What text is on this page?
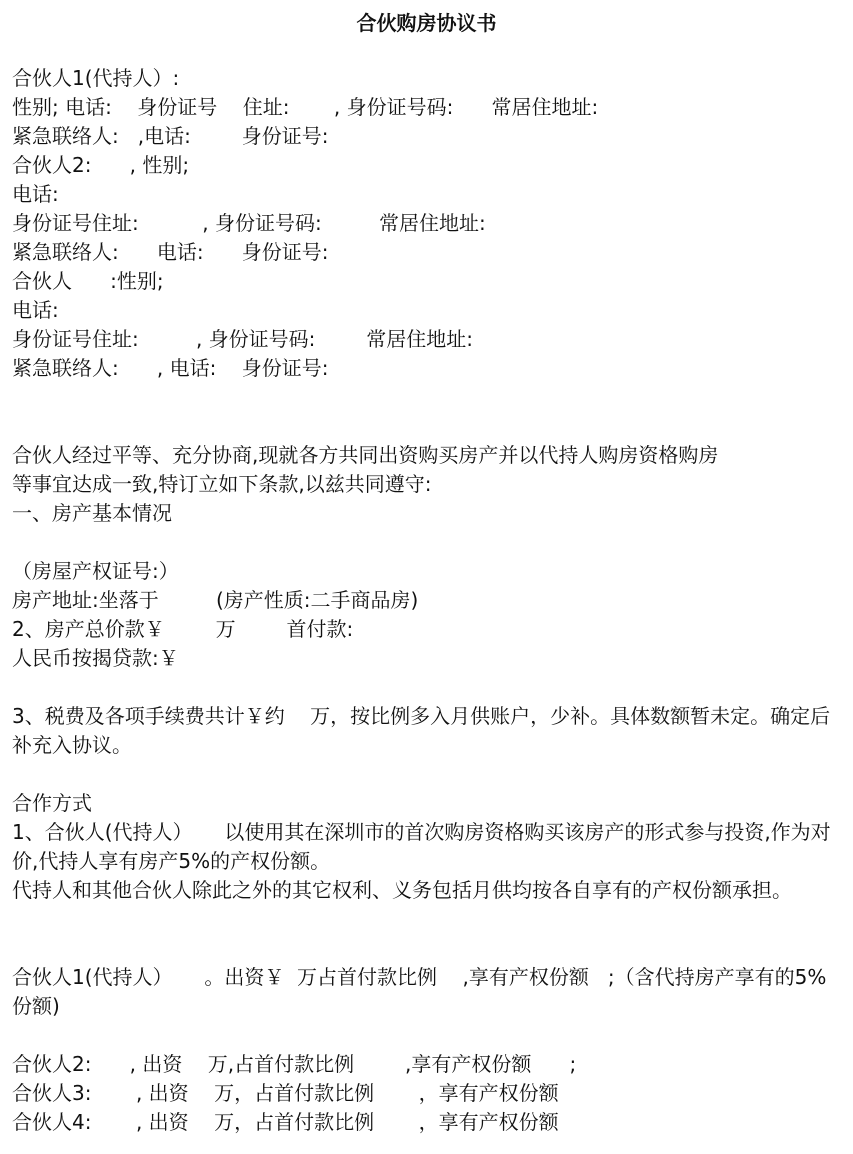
合伙购房协议书
合伙人1(代持人）:
性别; 电话:    身份证号    住址:       , 身份证号码:      常居住地址:
紧急联络人:   ,电话:        身份证号:
合伙人2:      , 性别;
电话:
身份证号住址:          , 身份证号码:         常居住地址:
紧急联络人:      电话:      身份证号:
合伙人      :性别;
电话:
身份证号住址:         , 身份证号码:        常居住地址:
紧急联络人:      , 电话:    身份证号:
合伙人经过平等、充分协商,现就各方共同出资购买房产并以代持人购房资格购房
等事宜达成一致,特订立如下条款,以兹共同遵守:
一、房产基本情况
（房屋产权证号:）
房产地址:坐落于         (房产性质:二手商品房)
2、房产总价款￥        万        首付款:
人民币按揭贷款:￥
3、税费及各项手续费共计￥约    万，按比例多入月供账户，少补。具体数额暂未定。确定后补充入协议。
合作方式
1、合伙人(代持人）     以使用其在深圳市的首次购房资格购买该房产的形式参与投资,作为对价,代持人享有房产5%的产权份额。
代持人和其他合伙人除此之外的其它权利、义务包括月供均按各自享有的产权份额承担。
合伙人1(代持人）     。出资￥  万占首付款比例    ,享有产权份额   ;（含代持房产享有的5%份额)
合伙人2:      , 出资    万,占首付款比例        ,享有产权份额      ;
合伙人3:       , 出资    万，占首付款比例       ，享有产权份额
合伙人4:       , 出资    万，占首付款比例       ，享有产权份额
